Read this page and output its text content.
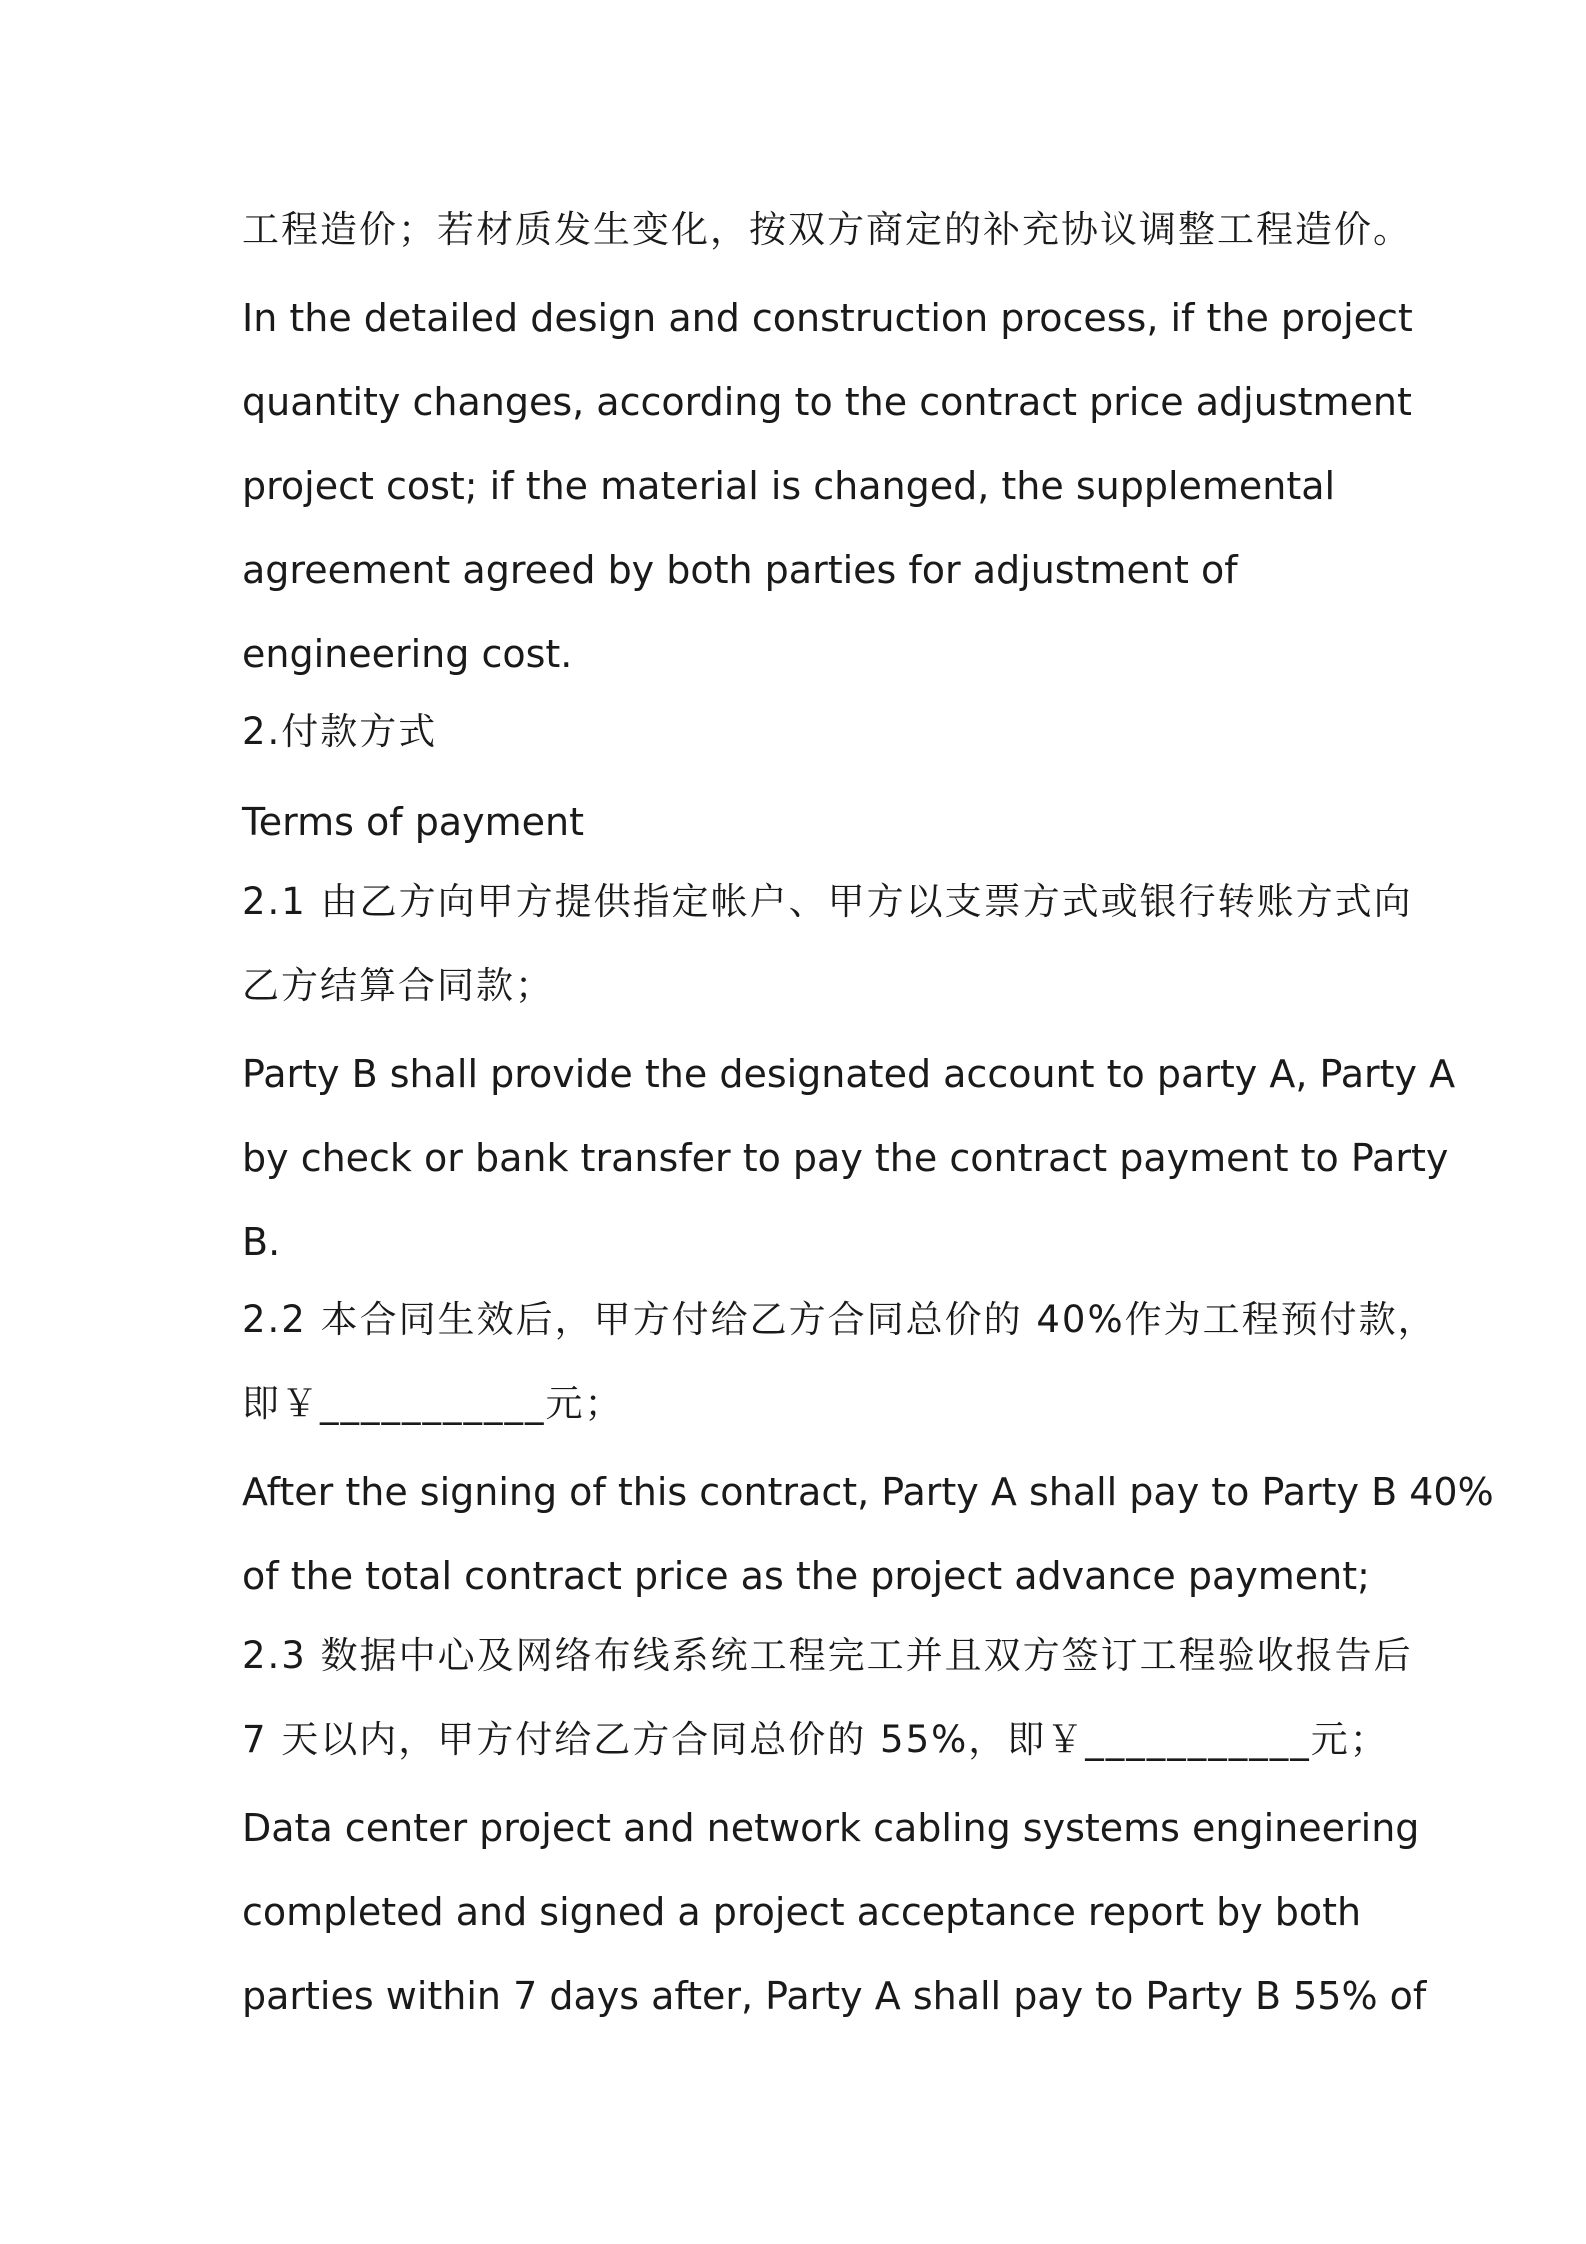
工程造价；若材质发生变化，按双方商定的补充协议调整工程造价。
In the detailed design and construction process, if the project
quantity changes, according to the contract price adjustment
project cost; if the material is changed, the supplemental
agreement agreed by both parties for adjustment of
engineering cost.
2.付款方式
Terms of payment
2.1 由乙方向甲方提供指定帐户、甲方以支票方式或银行转账方式向
乙方结算合同款；
Party B shall provide the designated account to party A, Party A
by check or bank transfer to pay the contract payment to Party
B.
2.2 本合同生效后，甲方付给乙方合同总价的 40%作为工程预付款，
即￥___________元；
After the signing of this contract, Party A shall pay to Party B 40%
of the total contract price as the project advance payment;
2.3 数据中心及网络布线系统工程完工并且双方签订工程验收报告后
7 天以内，甲方付给乙方合同总价的 55%，即￥___________元；
Data center project and network cabling systems engineering
completed and signed a project acceptance report by both
parties within 7 days after, Party A shall pay to Party B 55% of
